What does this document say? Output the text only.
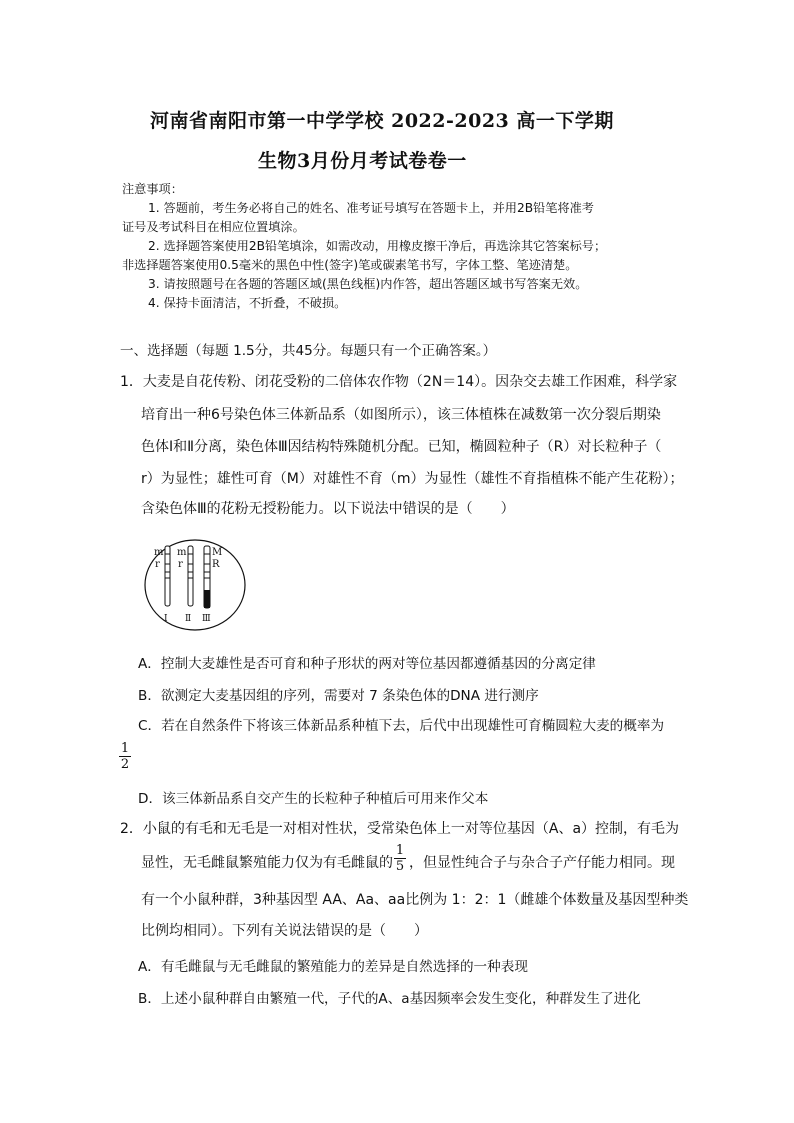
河南省南阳市第一中学学校 2022-2023 高一下学期
生物3月份月考试卷卷一
注意事项：
1. 答题前，考生务必将自己的姓名、准考证号填写在答题卡上，并用2B铅笔将准考
证号及考试科目在相应位置填涂。
2. 选择题答案使用2B铅笔填涂，如需改动，用橡皮擦干净后，再选涂其它答案标号；
非选择题答案使用0.5毫米的黑色中性(签字)笔或碳素笔书写，字体工整、笔迹清楚。
3. 请按照题号在各题的答题区域(黑色线框)内作答，超出答题区域书写答案无效。
4. 保持卡面清洁，不折叠，不破损。
一、选择题（每题 1.5分，共45分。每题只有一个正确答案。）
1．大麦是自花传粉、闭花受粉的二倍体农作物（2N＝14）。因杂交去雄工作困难，科学家
培育出一种6号染色体三体新品系（如图所示），该三体植株在减数第一次分裂后期染
色体Ⅰ和Ⅱ分离，染色体Ⅲ因结构特殊随机分配。已知，椭圆粒种子（R）对长粒种子（
r）为显性；雄性可育（M）对雄性不育（m）为显性（雄性不育指植株不能产生花粉）；
含染色体Ⅲ的花粉无授粉能力。以下说法中错误的是（　　）
m
r
m
r
M
R
Ⅰ Ⅱ Ⅲ
A．控制大麦雄性是否可育和种子形状的两对等位基因都遵循基因的分离定律
B．欲测定大麦基因组的序列，需要对 7 条染色体的DNA 进行测序
C．若在自然条件下将该三体新品系种植下去，后代中出现雄性可育椭圆粒大麦的概率为
1
2
D．该三体新品系自交产生的长粒种子种植后可用来作父本
2．小鼠的有毛和无毛是一对相对性状，受常染色体上一对等位基因（A、a）控制，有毛为
显性，无毛雌鼠繁殖能力仅为有毛雌鼠的
1
5 ，但显性纯合子与杂合子产仔能力相同。现
有一个小鼠种群，3种基因型 AA、Aa、aa比例为 1：2：1（雌雄个体数量及基因型种类
比例均相同）。下列有关说法错误的是（　　）
A．有毛雌鼠与无毛雌鼠的繁殖能力的差异是自然选择的一种表现
B．上述小鼠种群自由繁殖一代，子代的A、a基因频率会发生变化，种群发生了进化
